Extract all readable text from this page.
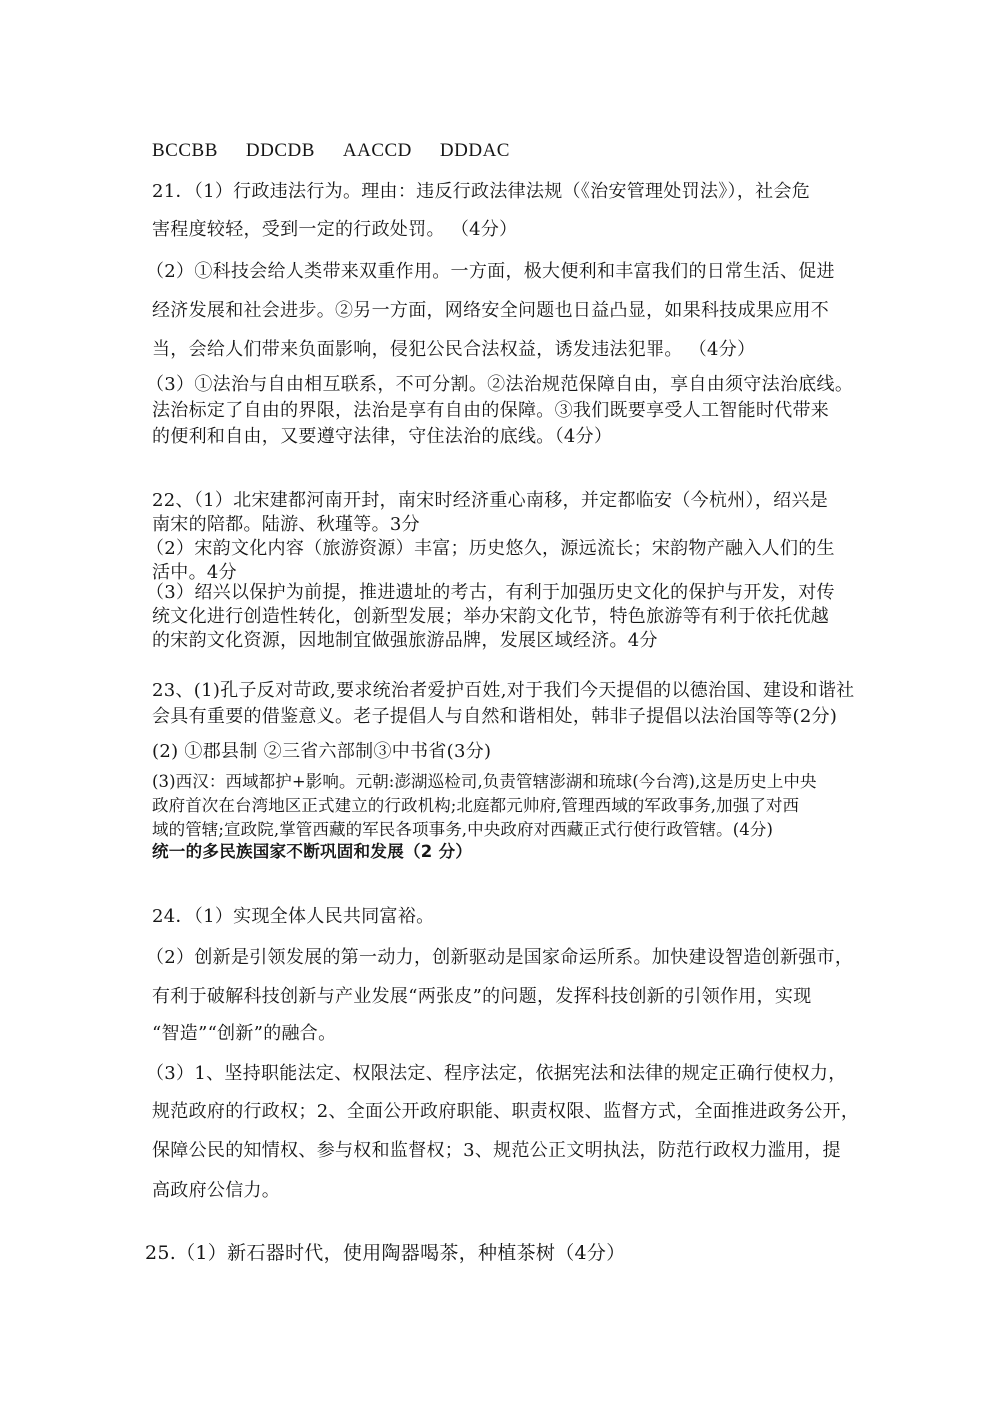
BCCBB DDCDB AACCD DDDAC
21．（1）行政违法行为。理由：违反行政法律法规（《治安管理处罚法》），社会危
害程度较轻，受到一定的行政处罚。 （4分）
（2）①科技会给人类带来双重作用。一方面，极大便利和丰富我们的日常生活、促进
经济发展和社会进步。②另一方面，网络安全问题也日益凸显，如果科技成果应用不
当，会给人们带来负面影响，侵犯公民合法权益，诱发违法犯罪。 （4分）
（3）①法治与自由相互联系，不可分割。②法治规范保障自由，享自由须守法治底线。
法治标定了自由的界限，法治是享有自由的保障。③我们既要享受人工智能时代带来
的便利和自由，又要遵守法律，守住法治的底线。（4分）
22、（1）北宋建都河南开封，南宋时经济重心南移，并定都临安（今杭州），绍兴是
南宋的陪都。陆游、秋瑾等。3分
（2）宋韵文化内容（旅游资源）丰富；历史悠久，源远流长；宋韵物产融入人们的生
活中。4分
（3）绍兴以保护为前提，推进遗址的考古，有利于加强历史文化的保护与开发，对传
统文化进行创造性转化，创新型发展；举办宋韵文化节，特色旅游等有利于依托优越
的宋韵文化资源，因地制宜做强旅游品牌，发展区域经济。4分
23、(1)孔子反对苛政,要求统治者爱护百姓,对于我们今天提倡的以德治国、建设和谐社
会具有重要的借鉴意义。老子提倡人与自然和谐相处，韩非子提倡以法治国等等(2分)
(2) ①郡县制 ②三省六部制③中书省(3分)
(3)西汉：西域都护+影响。元朝:澎湖巡检司,负责管辖澎湖和琉球(今台湾),这是历史上中央
政府首次在台湾地区正式建立的行政机构;北庭都元帅府,管理西域的军政事务,加强了对西
域的管辖;宣政院,掌管西藏的军民各项事务,中央政府对西藏正式行使行政管辖。(4分)
统一的多民族国家不断巩固和发展（2 分）
24．（1）实现全体人民共同富裕。
（2）创新是引领发展的第一动力，创新驱动是国家命运所系。加快建设智造创新强市，
有利于破解科技创新与产业发展“两张皮”的问题，发挥科技创新的引领作用，实现
“智造”“创新”的融合。
（3）1、坚持职能法定、权限法定、程序法定，依据宪法和法律的规定正确行使权力，
规范政府的行政权；2、全面公开政府职能、职责权限、监督方式，全面推进政务公开，
保障公民的知情权、参与权和监督权；3、规范公正文明执法，防范行政权力滥用，提
高政府公信力。
25.（1）新石器时代，使用陶器喝茶，种植茶树（4分）
